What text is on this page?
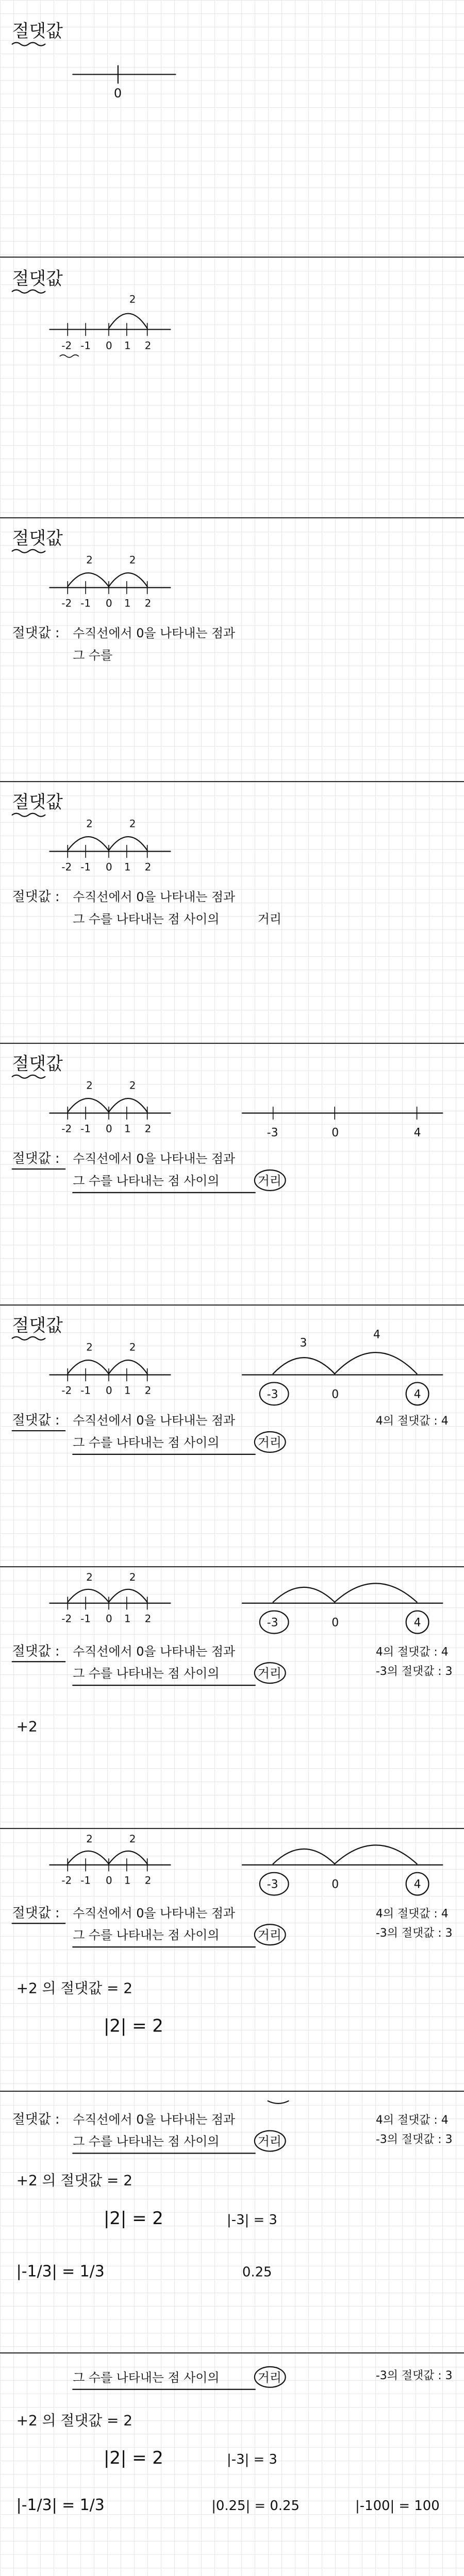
절댓값
0
절댓값
-2 -1 0 1 2
2
절댓값
-2 -1 0 1 2
2	2
절댓값 : 수직선에서 0을 나타내는 점과
그 수를
절댓값
-2 -1 0 1 2
2	2
절댓값 : 수직선에서 0을 나타내는 점과
그 수를 나타내는 점 사이의	거리
절댓값
-2 -1 0 1 2
2	2
-3	0	4
절댓값 : 수직선에서 0을 나타내는 점과
그 수를 나타내는 점 사이의	거리
절댓값
-2 -1 0 1 2
2	2	3
4
-3	0	4
절댓값 : 수직선에서 0을 나타내는 점과
그 수를 나타내는 점 사이의	거리
4의 절댓값 : 4
-2 -1 0 1 2
2	2
-3	0	4
절댓값 : 수직선에서 0을 나타내는 점과
그 수를 나타내는 점 사이의	거리
4의 절댓값 : 4
-3의 절댓값 : 3
+2
-2 -1 0 1 2
2	2
-3	0	4
절댓값 : 수직선에서 0을 나타내는 점과
그 수를 나타내는 점 사이의	거리
4의 절댓값 : 4
-3의 절댓값 : 3
+2 의 절댓값 = 2
|2| = 2
절댓값 : 수직선에서 0을 나타내는 점과
그 수를 나타내는 점 사이의	거리
4의 절댓값 : 4
-3의 절댓값 : 3
+2 의 절댓값 = 2
|2| = 2	|-3| = 3
|-1/3| = 1/3	0.25
그 수를 나타내는 점 사이의	거리	-3의 절댓값 : 3
+2 의 절댓값 = 2
|2| = 2	|-3| = 3
|-1/3| = 1/3	|0.25| = 0.25	|-100| = 100
